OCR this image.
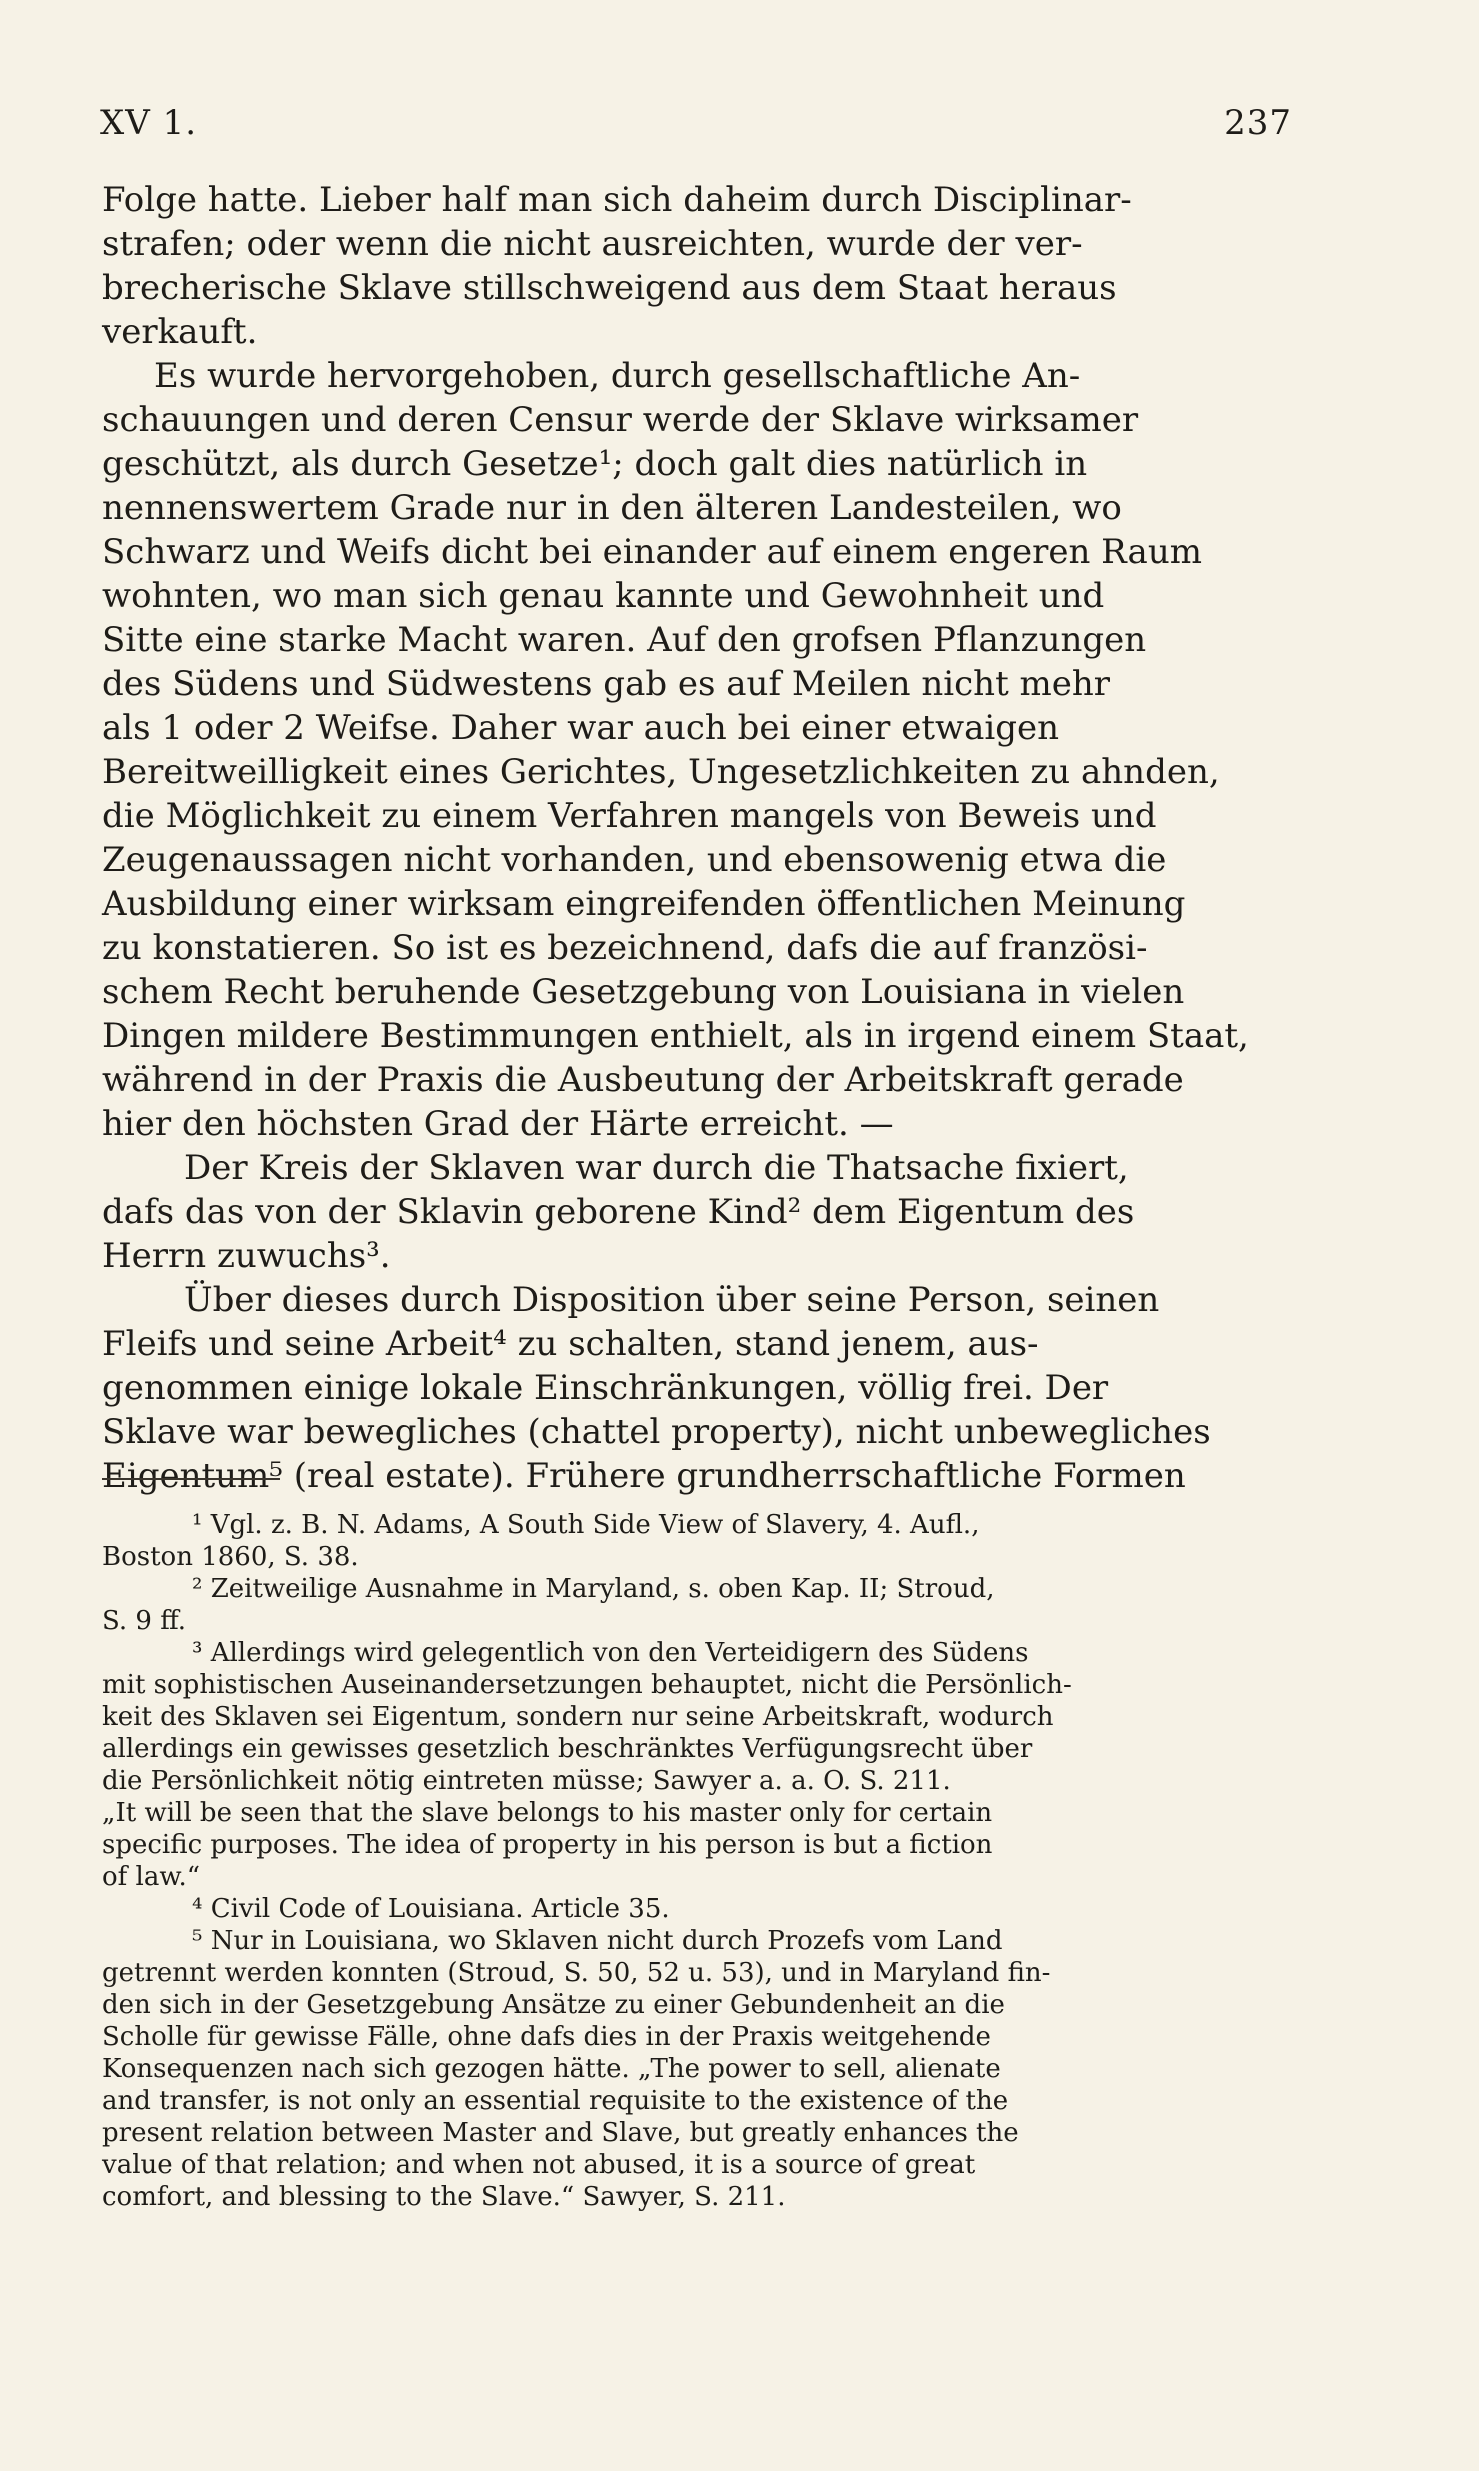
XV 1.	237
Folge hatte. Lieber half man sich daheim durch Disciplinar-
strafen; oder wenn die nicht ausreichten, wurde der ver-
brecherische Sklave stillschweigend aus dem Staat heraus
verkauft.
Es wurde hervorgehoben, durch gesellschaftliche An-
schauungen und deren Censur werde der Sklave wirksamer
geschützt, als durch Gesetze¹; doch galt dies natürlich in
nennenswertem Grade nur in den älteren Landesteilen, wo
Schwarz und Weifs dicht bei einander auf einem engeren Raum
wohnten, wo man sich genau kannte und Gewohnheit und
Sitte eine starke Macht waren. Auf den grofsen Pflanzungen
des Südens und Südwestens gab es auf Meilen nicht mehr
als 1 oder 2 Weifse. Daher war auch bei einer etwaigen
Bereitweilligkeit eines Gerichtes, Ungesetzlichkeiten zu ahnden,
die Möglichkeit zu einem Verfahren mangels von Beweis und
Zeugenaussagen nicht vorhanden, und ebensowenig etwa die
Ausbildung einer wirksam eingreifenden öffentlichen Meinung
zu konstatieren. So ist es bezeichnend, dafs die auf französi-
schem Recht beruhende Gesetzgebung von Louisiana in vielen
Dingen mildere Bestimmungen enthielt, als in irgend einem Staat,
während in der Praxis die Ausbeutung der Arbeitskraft gerade
hier den höchsten Grad der Härte erreicht. —
Der Kreis der Sklaven war durch die Thatsache fixiert,
dafs das von der Sklavin geborene Kind² dem Eigentum des
Herrn zuwuchs³.
Über dieses durch Disposition über seine Person, seinen
Fleifs und seine Arbeit⁴ zu schalten, stand jenem, aus-
genommen einige lokale Einschränkungen, völlig frei. Der
Sklave war bewegliches (chattel property), nicht unbewegliches
Eigentum⁵ (real estate). Frühere grundherrschaftliche Formen
¹ Vgl. z. B. N. Adams, A South Side View of Slavery, 4. Aufl.,
Boston 1860, S. 38.
² Zeitweilige Ausnahme in Maryland, s. oben Kap. II; Stroud,
S. 9 ff.
³ Allerdings wird gelegentlich von den Verteidigern des Südens
mit sophistischen Auseinandersetzungen behauptet, nicht die Persönlich-
keit des Sklaven sei Eigentum, sondern nur seine Arbeitskraft, wodurch
allerdings ein gewisses gesetzlich beschränktes Verfügungsrecht über
die Persönlichkeit nötig eintreten müsse; Sawyer a. a. O. S. 211.
„It will be seen that the slave belongs to his master only for certain
specific purposes. The idea of property in his person is but a fiction
of law.“
⁴ Civil Code of Louisiana. Article 35.
⁵ Nur in Louisiana, wo Sklaven nicht durch Prozefs vom Land
getrennt werden konnten (Stroud, S. 50, 52 u. 53), und in Maryland fin-
den sich in der Gesetzgebung Ansätze zu einer Gebundenheit an die
Scholle für gewisse Fälle, ohne dafs dies in der Praxis weitgehende
Konsequenzen nach sich gezogen hätte. „The power to sell, alienate
and transfer, is not only an essential requisite to the existence of the
present relation between Master and Slave, but greatly enhances the
value of that relation; and when not abused, it is a source of great
comfort, and blessing to the Slave.“ Sawyer, S. 211.
